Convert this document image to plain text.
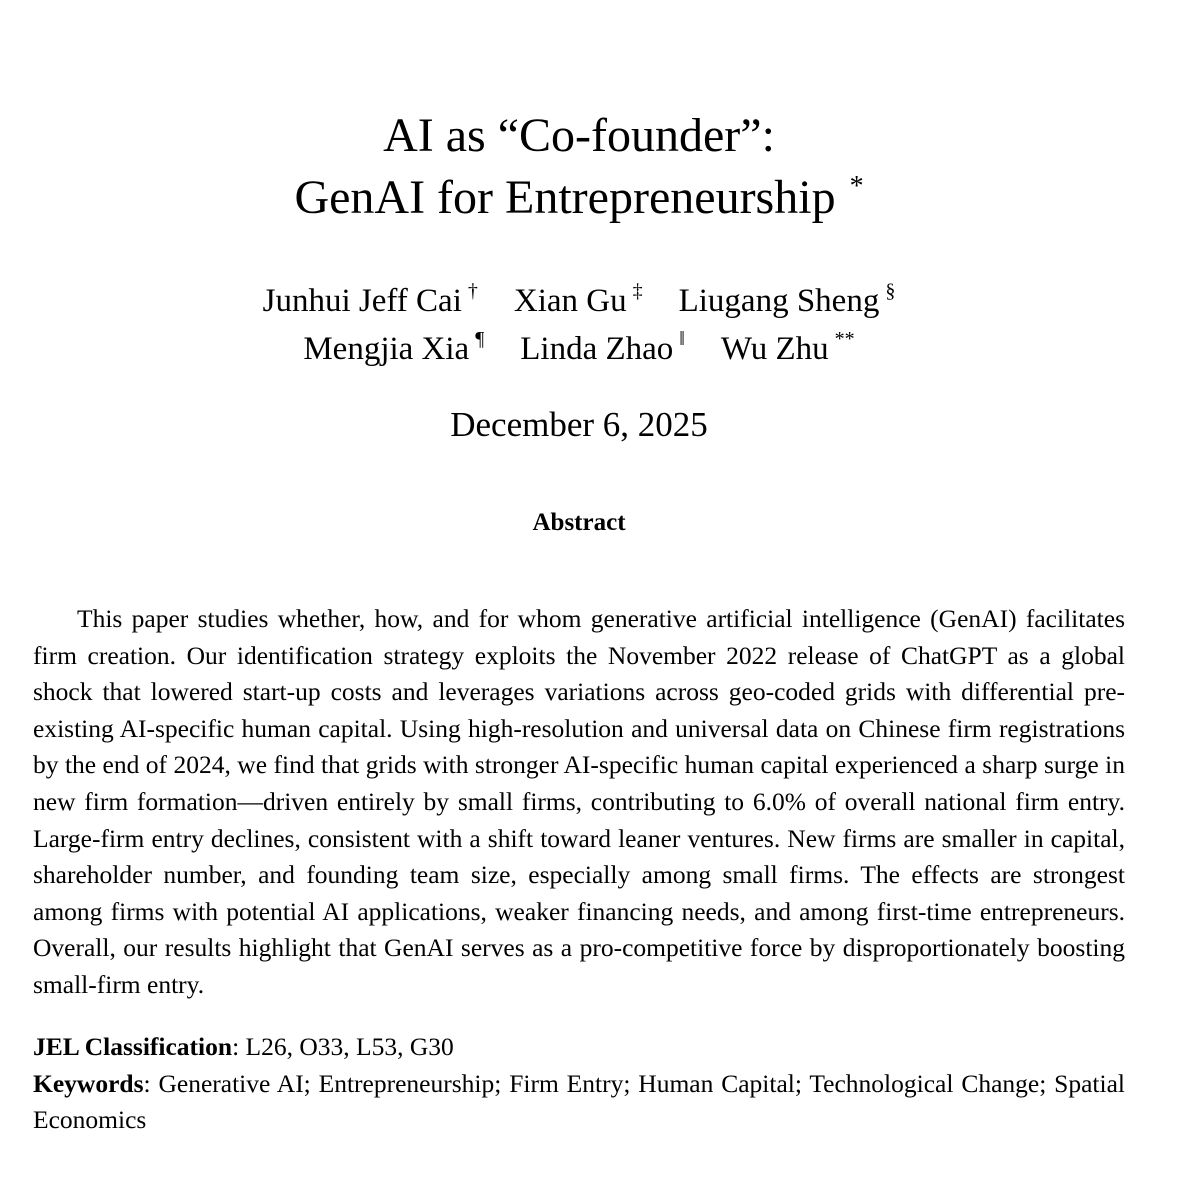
AI as “Co-founder”:
GenAI for Entrepreneurship *
Junhui Jeff Cai † Xian Gu ‡ Liugang Sheng §
Mengjia Xia ¶ Linda Zhao ‖ Wu Zhu **
December 6, 2025
Abstract

This paper studies whether, how, and for whom generative artificial intelligence (GenAI) facilitates firm creation. Our identification strategy exploits the November 2022 release of ChatGPT as a global shock that lowered start-up costs and leverages variations across geo-coded grids with differential pre-existing AI-specific human capital. Using high-resolution and universal data on Chinese firm registrations by the end of 2024, we find that grids with stronger AI-specific human capital experienced a sharp surge in new firm formation—driven entirely by small firms, contributing to 6.0% of overall national firm entry. Large-firm entry declines, consistent with a shift toward leaner ventures. New firms are smaller in capital, shareholder number, and founding team size, especially among small firms. The effects are strongest among firms with potential AI applications, weaker financing needs, and among first-time entrepreneurs. Overall, our results highlight that GenAI serves as a pro-competitive force by disproportionately boosting small-firm entry.

JEL Classification: L26, O33, L53, G30
Keywords: Generative AI; Entrepreneurship; Firm Entry; Human Capital; Technological Change; Spatial Economics
